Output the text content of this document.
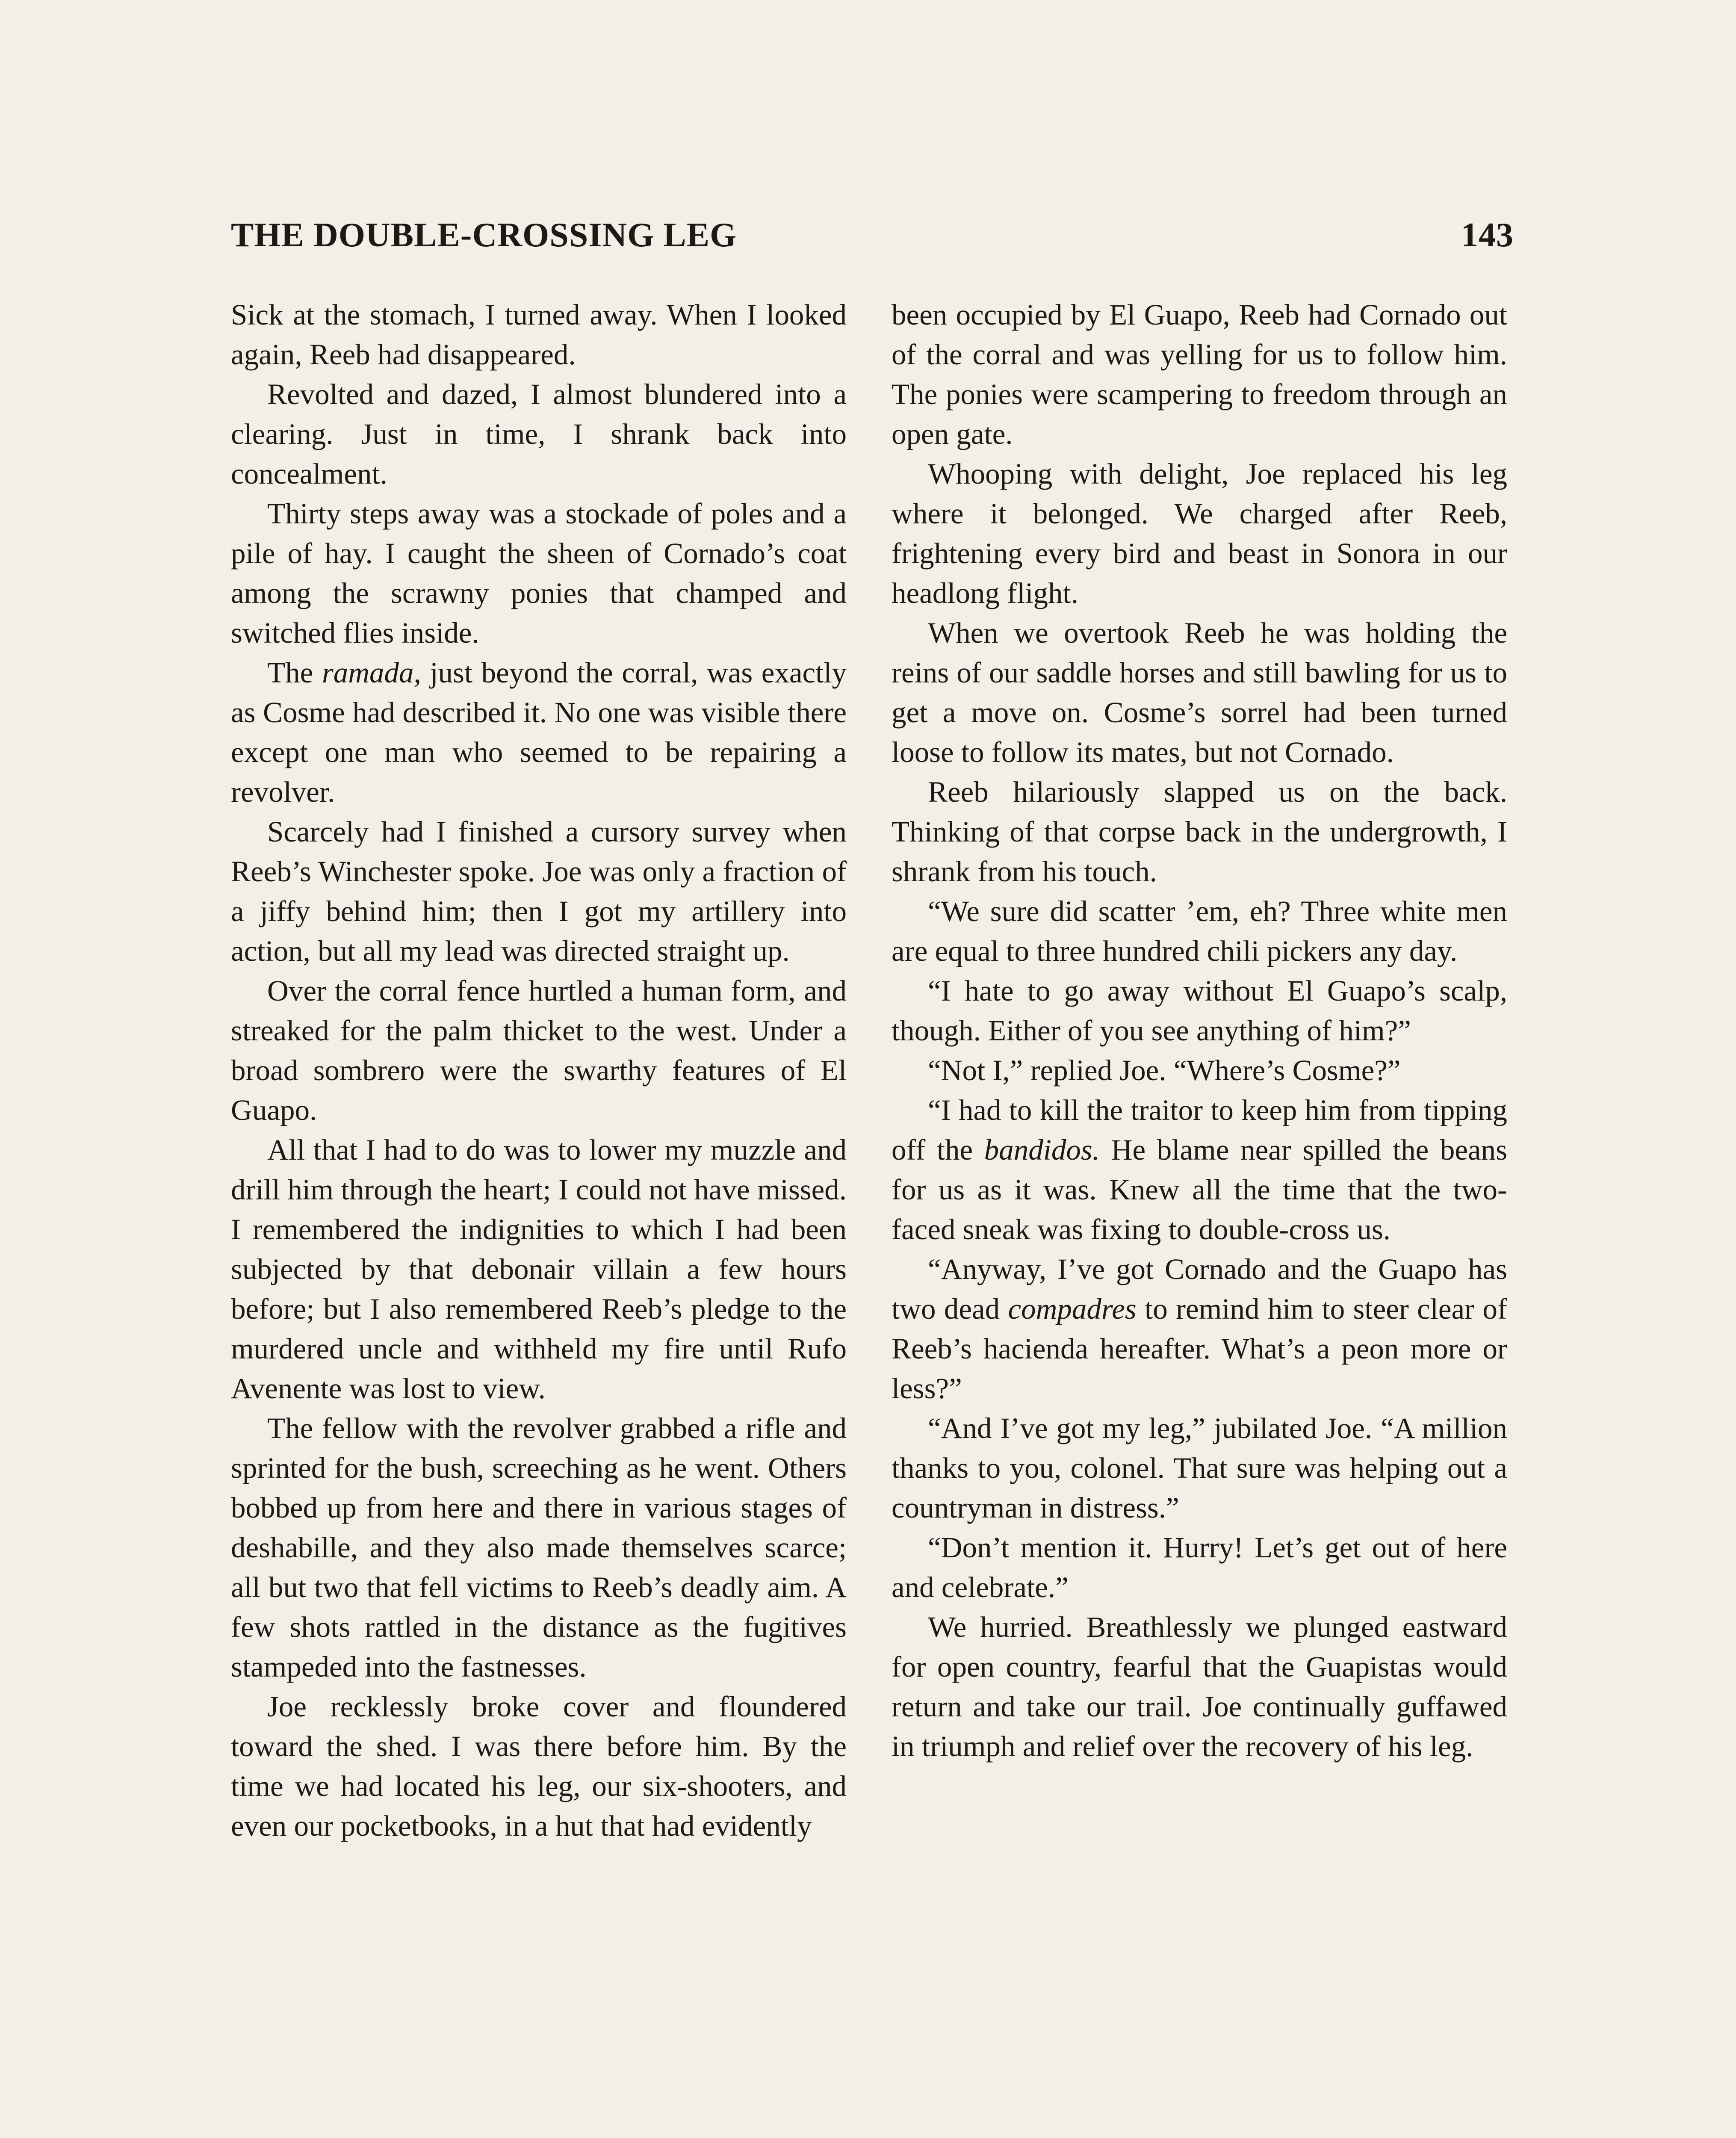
THE DOUBLE-CROSSING LEG	143

Sick at the stomach, I turned away. When I looked again, Reeb had disappeared.

Revolted and dazed, I almost blundered into a clearing. Just in time, I shrank back into concealment.

Thirty steps away was a stockade of poles and a pile of hay. I caught the sheen of Cornado’s coat among the scrawny ponies that champed and switched flies inside.

The ramada, just beyond the corral, was exactly as Cosme had described it. No one was visible there except one man who seemed to be repairing a revolver.

Scarcely had I finished a cursory survey when Reeb’s Winchester spoke. Joe was only a fraction of a jiffy behind him; then I got my artillery into action, but all my lead was directed straight up.

Over the corral fence hurtled a human form, and streaked for the palm thicket to the west. Under a broad sombrero were the swarthy features of El Guapo.

All that I had to do was to lower my muzzle and drill him through the heart; I could not have missed. I remembered the indignities to which I had been subjected by that debonair villain a few hours before; but I also remembered Reeb’s pledge to the murdered uncle and withheld my fire until Rufo Avenente was lost to view.

The fellow with the revolver grabbed a rifle and sprinted for the bush, screeching as he went. Others bobbed up from here and there in various stages of deshabille, and they also made themselves scarce; all but two that fell victims to Reeb’s deadly aim. A few shots rattled in the distance as the fugitives stampeded into the fastnesses.

Joe recklessly broke cover and floundered toward the shed. I was there before him. By the time we had located his leg, our six-shooters, and even our pocketbooks, in a hut that had evidently

been occupied by El Guapo, Reeb had Cornado out of the corral and was yelling for us to follow him. The ponies were scampering to freedom through an open gate.

Whooping with delight, Joe replaced his leg where it belonged. We charged after Reeb, frightening every bird and beast in Sonora in our headlong flight.

When we overtook Reeb he was holding the reins of our saddle horses and still bawling for us to get a move on. Cosme’s sorrel had been turned loose to follow its mates, but not Cornado.

Reeb hilariously slapped us on the back. Thinking of that corpse back in the undergrowth, I shrank from his touch.

“We sure did scatter ’em, eh? Three white men are equal to three hundred chili pickers any day.

“I hate to go away without El Guapo’s scalp, though. Either of you see anything of him?”

“Not I,” replied Joe. “Where’s Cosme?”

“I had to kill the traitor to keep him from tipping off the bandidos. He blame near spilled the beans for us as it was. Knew all the time that the two-faced sneak was fixing to double-cross us.

“Anyway, I’ve got Cornado and the Guapo has two dead compadres to remind him to steer clear of Reeb’s hacienda hereafter. What’s a peon more or less?”

“And I’ve got my leg,” jubilated Joe. “A million thanks to you, colonel. That sure was helping out a countryman in distress.”

“Don’t mention it. Hurry! Let’s get out of here and celebrate.”

We hurried. Breathlessly we plunged eastward for open country, fearful that the Guapistas would return and take our trail. Joe continually guffawed in triumph and relief over the recovery of his leg.
